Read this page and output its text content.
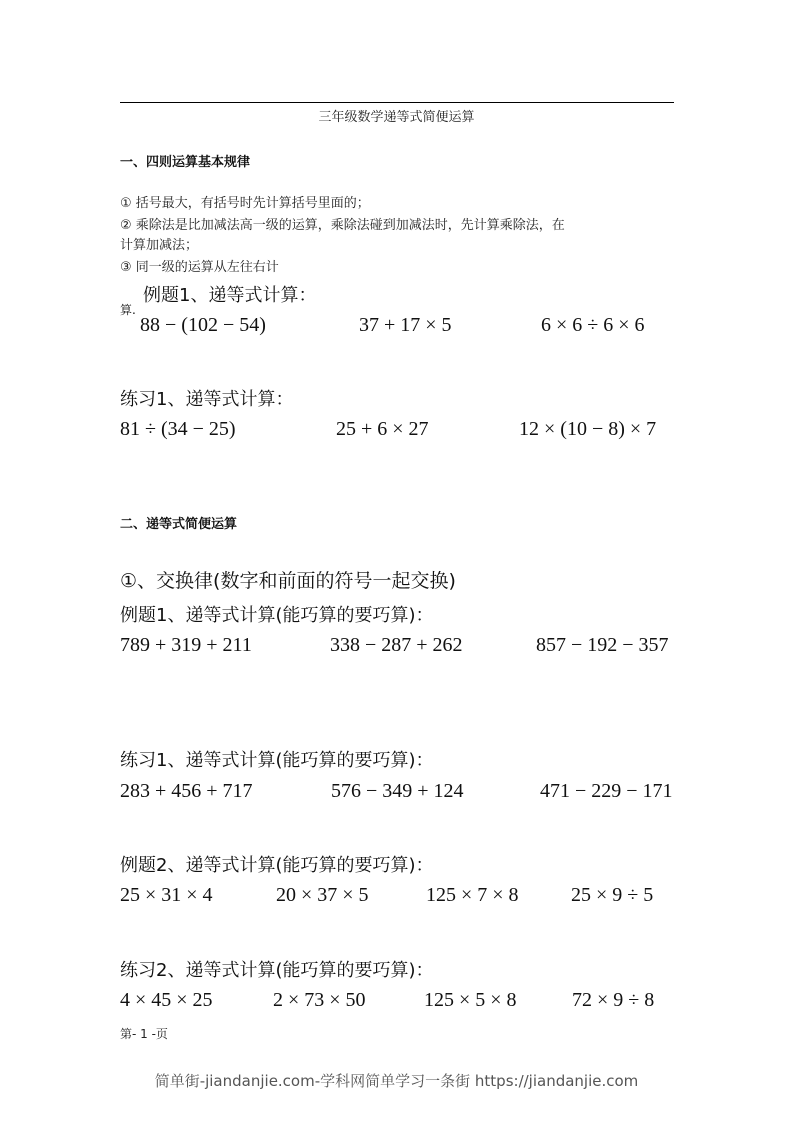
三年级数学递等式简便运算
一、四则运算基本规律
① 括号最大，有括号时先计算括号里面的；
② 乘除法是比加减法高一级的运算，乘除法碰到加减法时，先计算乘除法，在
计算加减法；
③ 同一级的运算从左往右计
例题1、递等式计算：
算.
88 − (102 − 54)	37 + 17 × 5	6 × 6 ÷ 6 × 6
练习1、递等式计算：
81 ÷ (34 − 25)	25 + 6 × 27	12 × (10 − 8) × 7
二、递等式简便运算
①、交换律(数字和前面的符号一起交换)
例题1、递等式计算(能巧算的要巧算)：
789 + 319 + 211	338 − 287 + 262	857 − 192 − 357
练习1、递等式计算(能巧算的要巧算)：
283 + 456 + 717	576 − 349 + 124	471 − 229 − 171
例题2、递等式计算(能巧算的要巧算)：
25 × 31 × 4	20 × 37 × 5	125 × 7 × 8	25 × 9 ÷ 5
练习2、递等式计算(能巧算的要巧算)：
4 × 45 × 25	2 × 73 × 50	125 × 5 × 8	72 × 9 ÷ 8
第- 1 -页
简单街-jiandanjie.com-学科网简单学习一条街 https://jiandanjie.com
